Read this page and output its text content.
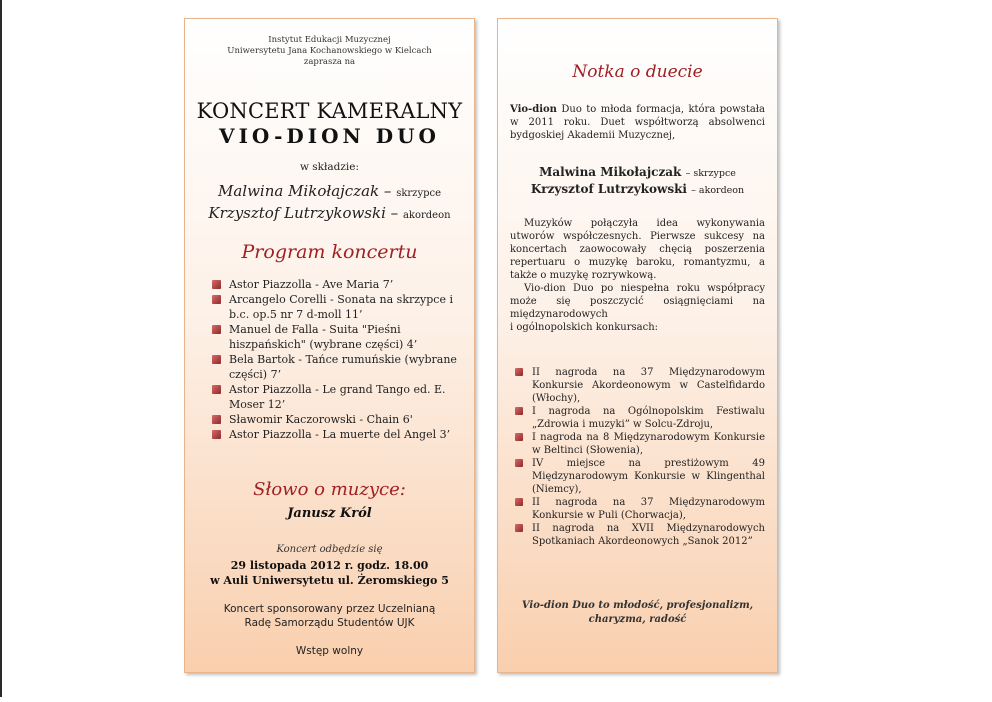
Instytut Edukacji Muzycznej
Uniwersytetu Jana Kochanowskiego w Kielcach
zaprasza na
KONCERT KAMERALNY
VIO-DION DUO
w składzie:
Malwina Mikołajczak – skrzypce
Krzysztof Lutrzykowski – akordeon
Program koncertu
Astor Piazzolla - Ave Maria 7’
Arcangelo Corelli - Sonata na skrzypce i b.c. op.5 nr 7 d-moll 11’
Manuel de Falla - Suita "Pieśni hiszpańskich" (wybrane części) 4’
Bela Bartok - Tańce rumuńskie (wybrane części) 7’
Astor Piazzolla - Le grand Tango ed. E. Moser 12’
Sławomir Kaczorowski - Chain 6'
Astor Piazzolla - La muerte del Angel 3’
Słowo o muzyce:
Janusz Król
Koncert odbędzie się
29 listopada 2012 r. godz. 18.00
w Auli Uniwersytetu ul. Żeromskiego 5
Koncert sponsorowany przez Uczelnianą
Radę Samorządu Studentów UJK
Wstęp wolny
Notka o duecie
Vio-dion Duo to młoda formacja, która powstała w 2011 roku. Duet współtworzą absolwenci bydgoskiej Akademii Muzycznej,
Malwina Mikołajczak – skrzypce
Krzysztof Lutrzykowski – akordeon

Muzyków połączyła idea wykonywania utworów współczesnych. Pierwsze sukcesy na koncertach zaowocowały chęcią poszerzenia repertuaru o muzykę baroku, romantyzmu, a także o muzykę rozrywkową.

Vio-dion Duo po niespełna roku współpracy może się poszczycić osiągnięciami na międzynarodowych

i ogólnopolskich konkursach:

II nagroda na 37 Międzynarodowym Konkursie Akordeonowym w Castelfidardo (Włochy),
I nagroda na Ogólnopolskim Festiwalu „Zdrowia i muzyki” w Solcu-Zdroju,
I nagroda na 8 Międzynarodowym Konkursie w Beltinci (Słowenia),
IV miejsce na prestiżowym 49 Międzynarodowym Konkursie w Klingenthal (Niemcy),
II nagroda na 37 Międzynarodowym Konkursie w Puli (Chorwacja),
II nagroda na XVII Międzynarodowych Spotkaniach Akordeonowych „Sanok 2012”
Vio-dion Duo to młodość, profesjonalizm, charyzma, radość
